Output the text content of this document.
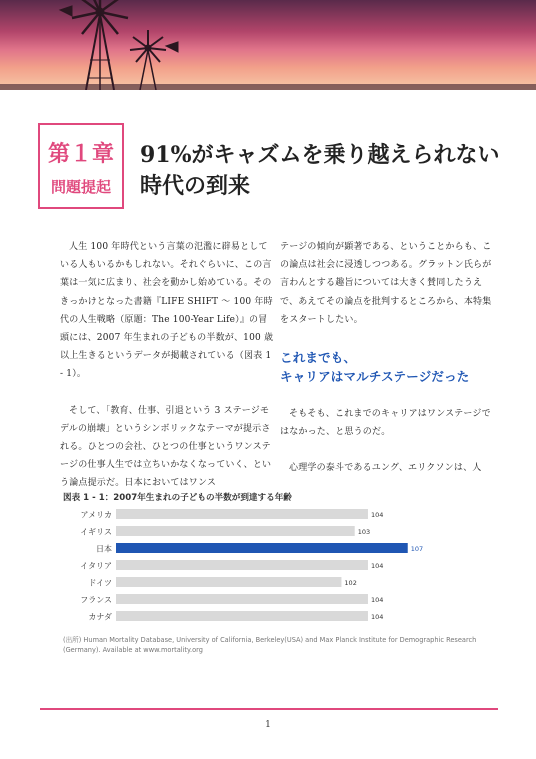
第１章
問題提起
91%がキャズムを乗り越えられない
時代の到来

人生 100 年時代という言葉の氾濫に辟易としている人もいるかもしれない。それぐらいに、この言葉は一気に広まり、社会を動かし始めている。そのきっかけとなった書籍『LIFE SHIFT ～ 100 年時代の人生戦略（原題：The 100-Year Life）』の冒頭には、2007 年生まれの子どもの半数が、100 歳以上生きるというデータが掲載されている（図表 1 - 1）。

そして、「教育、仕事、引退という 3 ステージモデルの崩壊」というシンボリックなテーマが提示される。ひとつの会社、ひとつの仕事というワンステージの仕事人生では立ちいかなくなっていく、という論点提示だ。日本においてはワンス

テージの傾向が顕著である、ということからも、この論点は社会に浸透しつつある。グラットン氏らが言わんとする趣旨については大きく賛同したうえで、あえてその論点を批判するところから、本特集をスタートしたい。

これまでも、
キャリアはマルチステージだった

そもそも、これまでのキャリアはワンステージではなかった、と思うのだ。

心理学の泰斗であるユング、エリクソンは、人

図表 1 - 1：2007年生まれの子どもの半数が到達する年齢
アメリカ	104
イギリス	103
日本	107
イタリア	104
ドイツ	102
フランス	104
カナダ	104
(出所) Human Mortality Database, University of California, Berkeley(USA) and Max Planck Institute for Demographic Research (Germany). Available at www.mortality.org
1
